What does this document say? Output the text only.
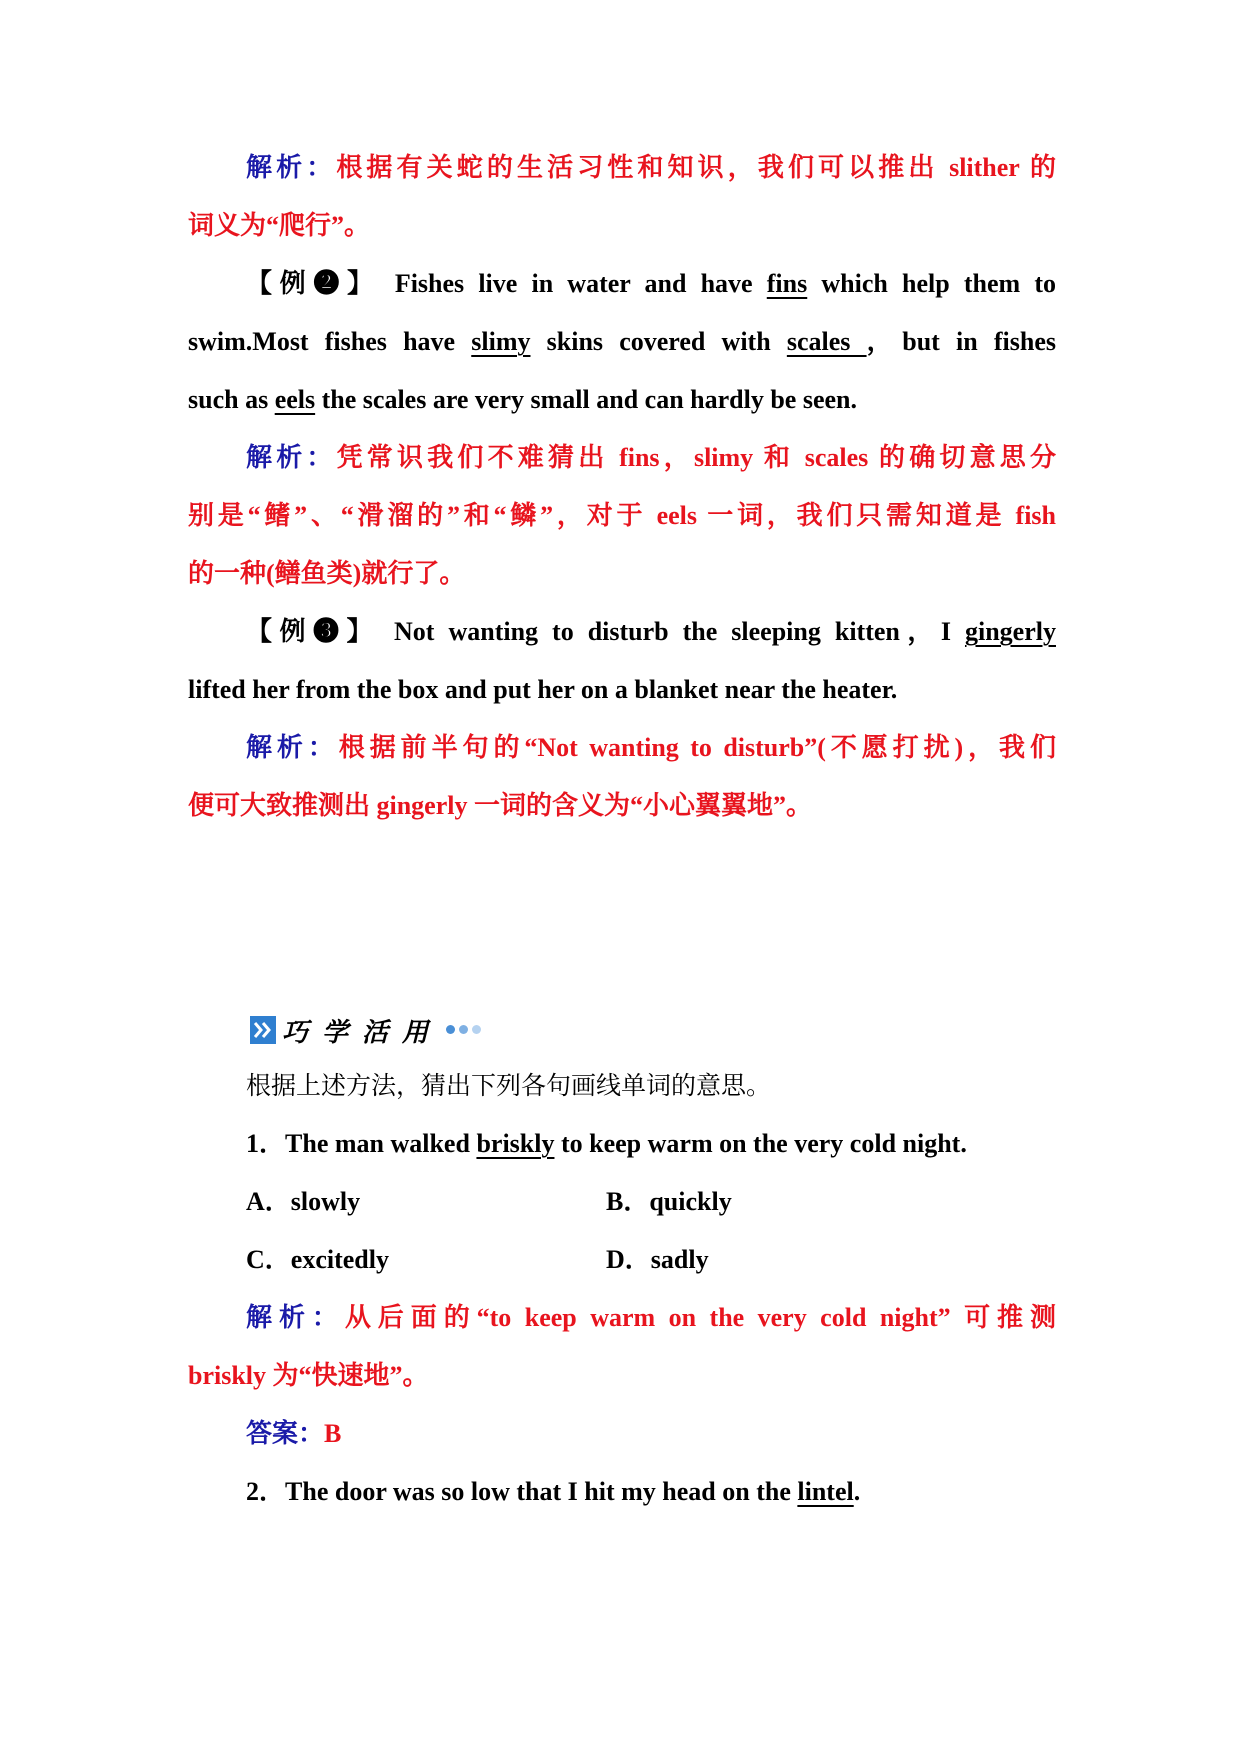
解析：根据有关蛇的生活习性和知识，我们可以推出 slither 的
词义为“爬行”。
【例❷】 Fishes live in water and have fins which help them to
swim.Most fishes have slimy skins covered with scales ，but in fishes
such as eels the scales are very small and can hardly be seen.
解析：凭常识我们不难猜出 fins，slimy 和 scales 的确切意思分
别是“鳍”、“滑溜的”和“鳞”，对于 eels 一词，我们只需知道是 fish
的一种(鳝鱼类)就行了。
【例❸】 Not wanting to disturb the sleeping kitten，I gingerly
lifted her from the box and put her on a blanket near the heater.
解析：根据前半句的“Not wanting to disturb”(不愿打扰)，我们
便可大致推测出 gingerly 一词的含义为“小心翼翼地”。
巧学活用
根据上述方法，猜出下列各句画线单词的意思。
1．The man walked briskly to keep warm on the very cold night.
A．slowly	B．quickly
C．excitedly	D．sadly
解析：从后面的“to keep warm on the very cold night” 可推测
briskly 为“快速地”。
答案：B
2．The door was so low that I hit my head on the lintel.
